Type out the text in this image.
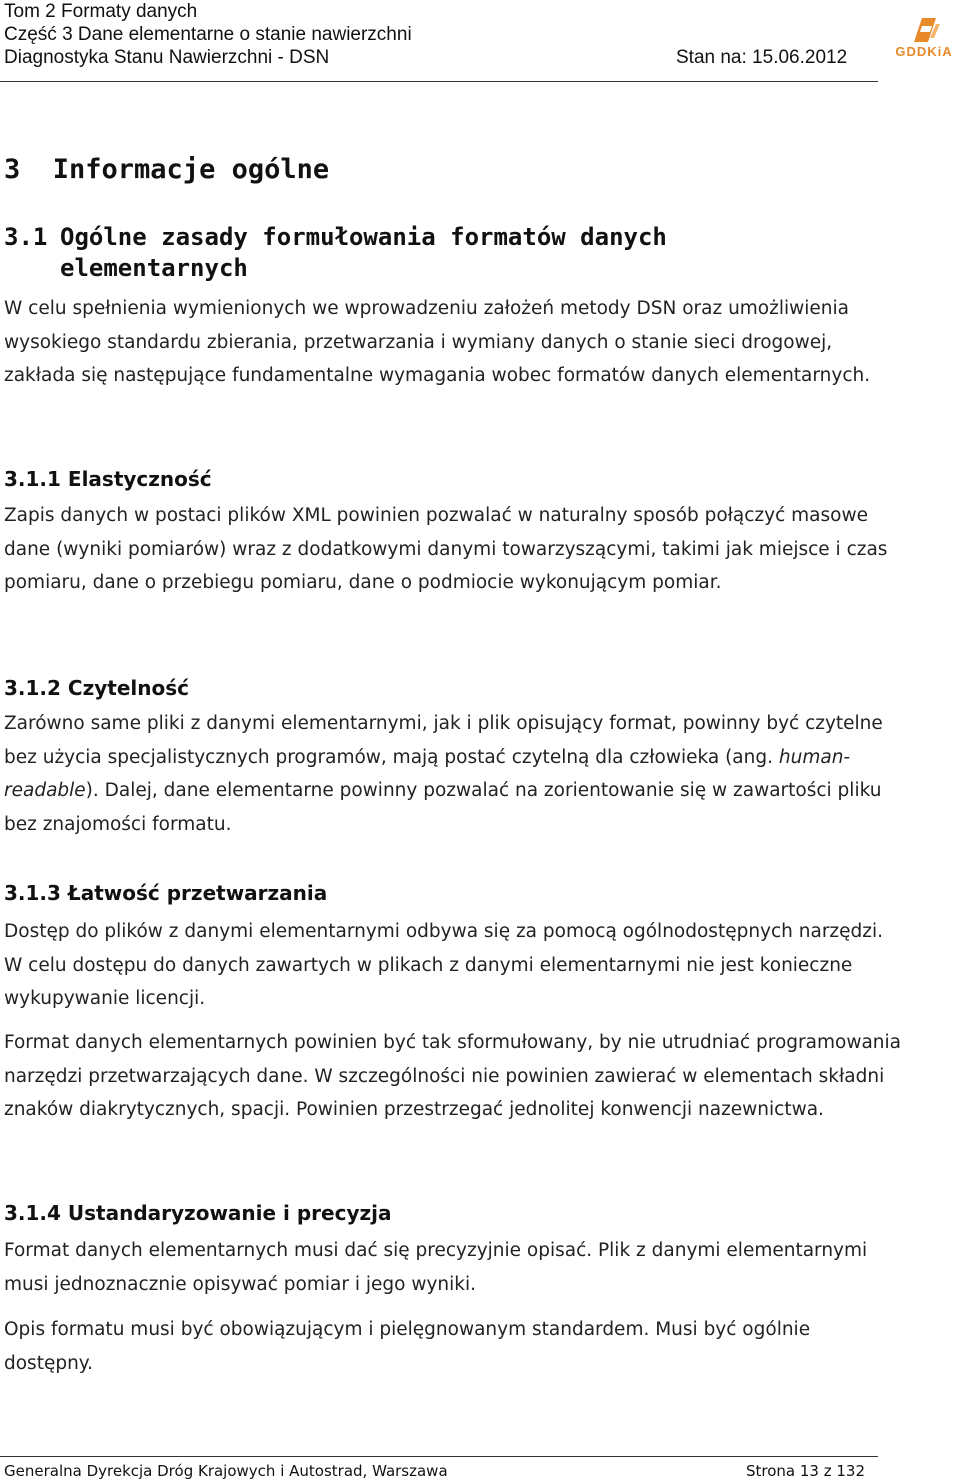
Tom 2 Formaty danych
Część 3 Dane elementarne o stanie nawierzchni
Diagnostyka Stanu Nawierzchni - DSN	Stan na: 15.06.2012	GDDKiA
3  Informacje ogólne
3.1 Ogólne zasady formułowania formatów danych
elementarnych
W celu spełnienia wymienionych we wprowadzeniu założeń metody DSN oraz umożliwienia wysokiego standardu zbierania, przetwarzania i wymiany danych o stanie sieci drogowej, zakłada się następujące fundamentalne wymagania wobec formatów danych elementarnych.
3.1.1 Elastyczność
Zapis danych w postaci plików XML powinien pozwalać w naturalny sposób połączyć masowe dane (wyniki pomiarów) wraz z dodatkowymi danymi towarzyszącymi, takimi jak miejsce i czas pomiaru, dane o przebiegu pomiaru, dane o podmiocie wykonującym pomiar.
3.1.2 Czytelność
Zarówno same pliki z danymi elementarnymi, jak i plik opisujący format, powinny być czytelne bez użycia specjalistycznych programów, mają postać czytelną dla człowieka (ang. human-readable). Dalej, dane elementarne powinny pozwalać na zorientowanie się w zawartości pliku bez znajomości formatu.
3.1.3 Łatwość przetwarzania
Dostęp do plików z danymi elementarnymi odbywa się za pomocą ogólnodostępnych narzędzi. W celu dostępu do danych zawartych w plikach z danymi elementarnymi nie jest konieczne wykupywanie licencji.
Format danych elementarnych powinien być tak sformułowany, by nie utrudniać programowania narzędzi przetwarzających dane. W szczególności nie powinien zawierać w elementach składni znaków diakrytycznych, spacji. Powinien przestrzegać jednolitej konwencji nazewnictwa.
3.1.4 Ustandaryzowanie i precyzja
Format danych elementarnych musi dać się precyzyjnie opisać. Plik z danymi elementarnymi musi jednoznacznie opisywać pomiar i jego wyniki.
Opis formatu musi być obowiązującym i pielęgnowanym standardem. Musi być ogólnie dostępny.
Generalna Dyrekcja Dróg Krajowych i Autostrad, Warszawa	Strona 13 z 132
